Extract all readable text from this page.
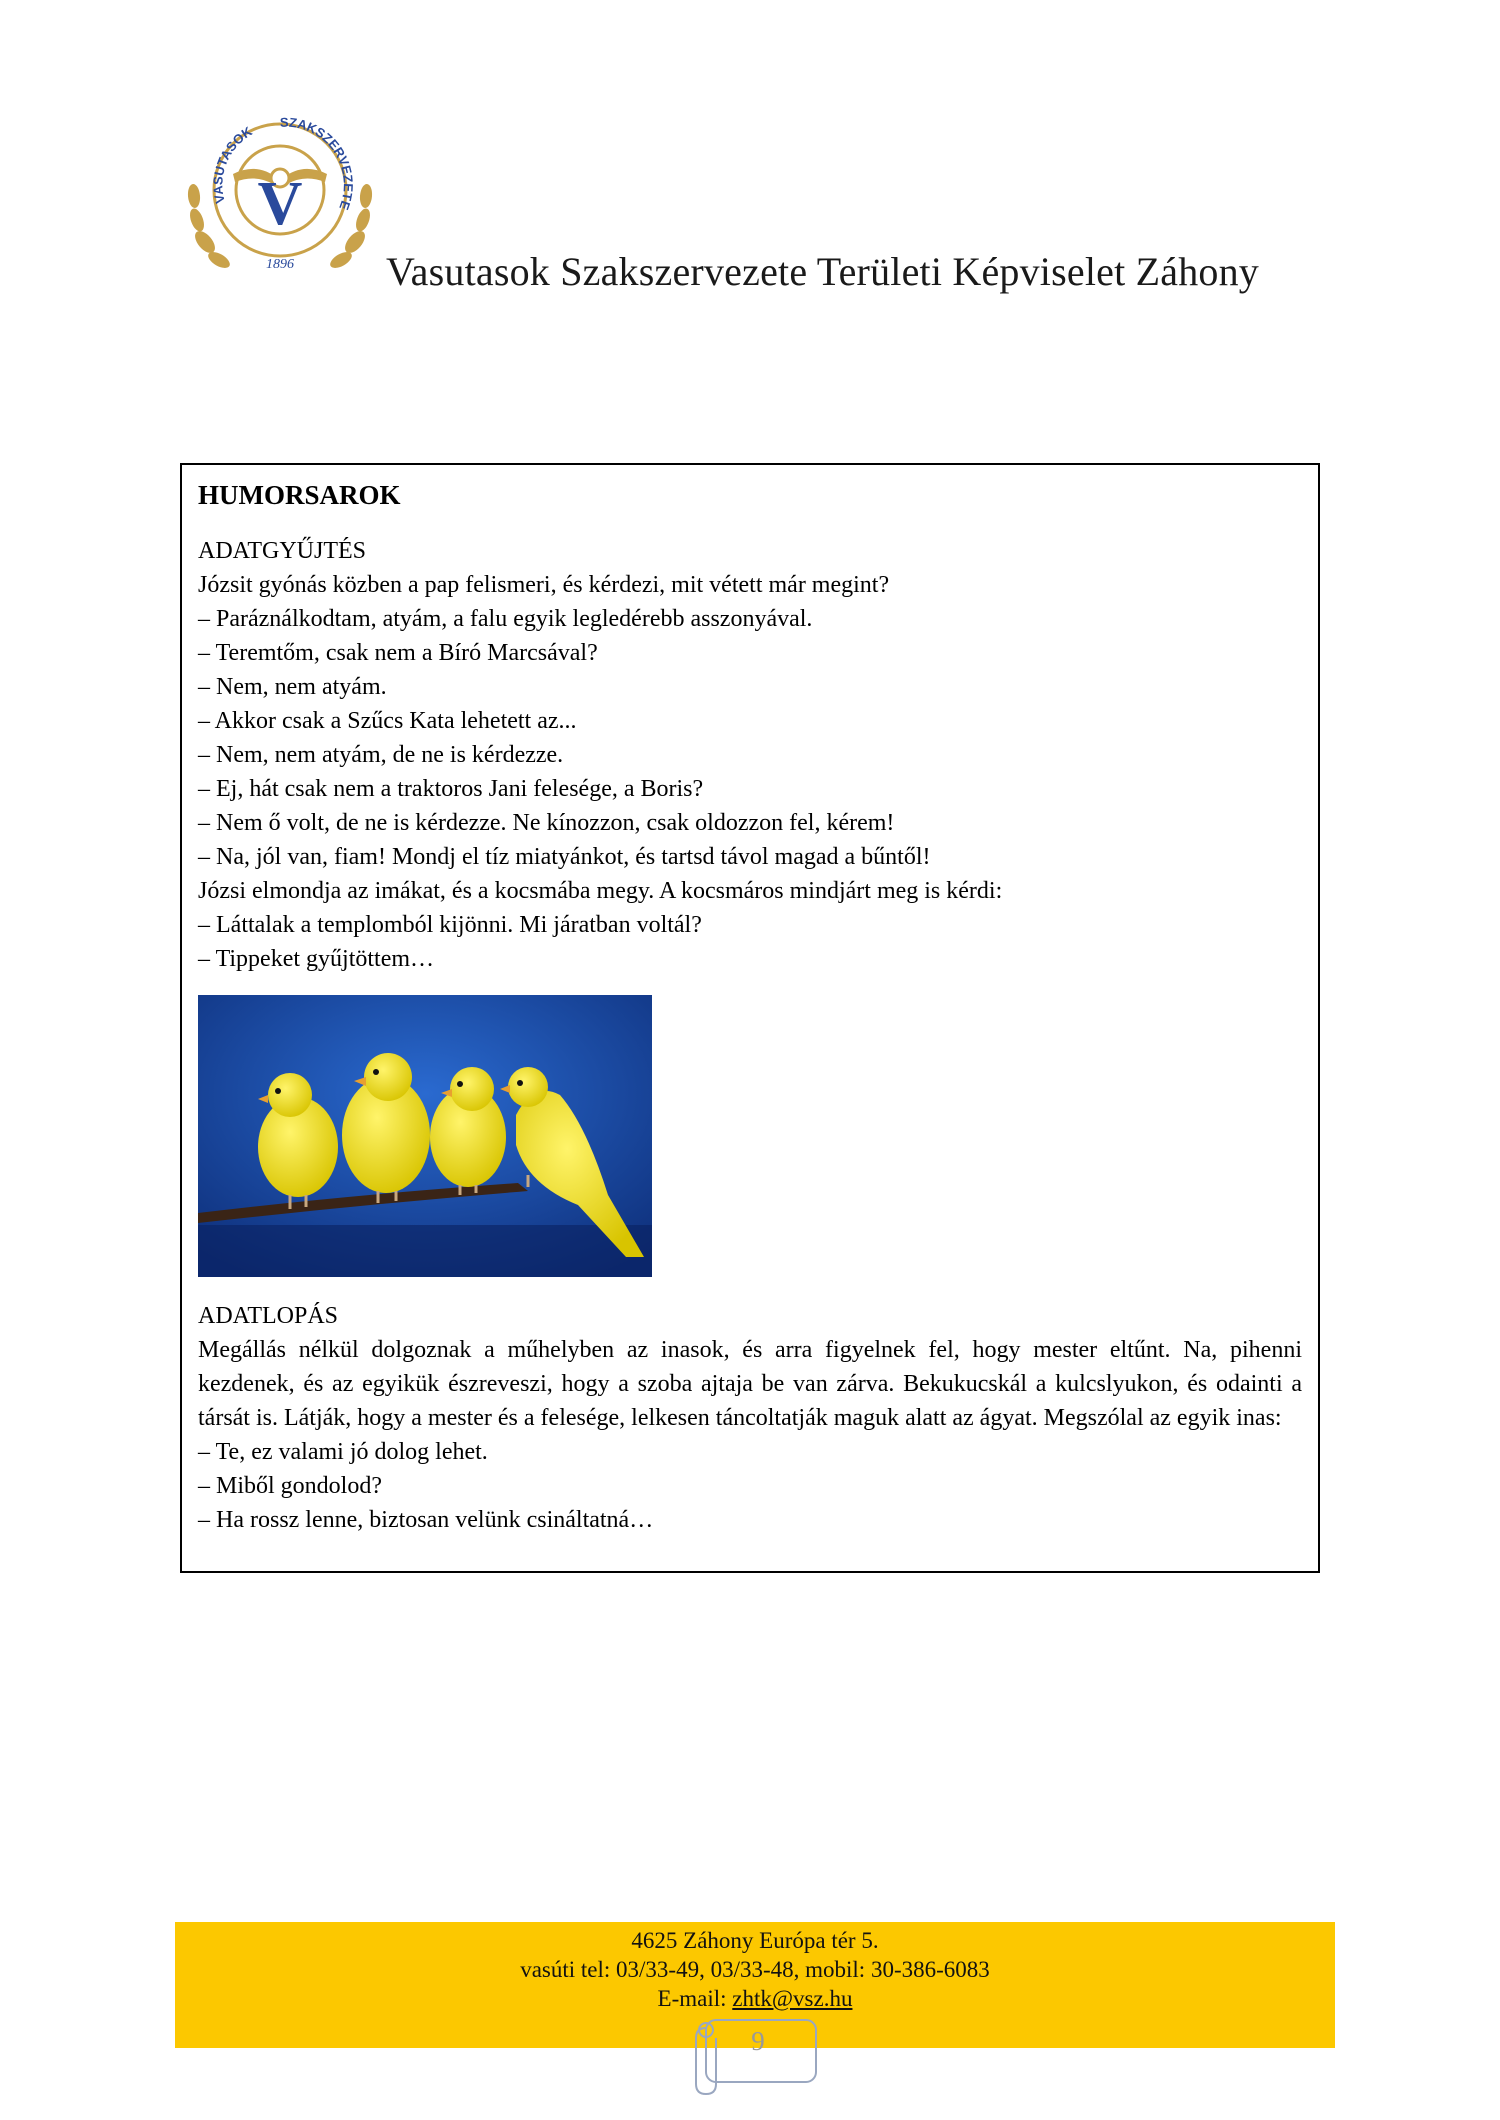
VASUTASOK
SZAKSZERVEZETE
V
1896 Vasutasok Szakszervezete Területi Képviselet Záhony

HUMORSAROK

ADATGYŰJTÉS

Józsit gyónás közben a pap felismeri, és kérdezi, mit vétett már megint?

– Paráználkodtam, atyám, a falu egyik legledérebb asszonyával.

– Teremtőm, csak nem a Bíró Marcsával?

– Nem, nem atyám.

– Akkor csak a Szűcs Kata lehetett az...

– Nem, nem atyám, de ne is kérdezze.

– Ej, hát csak nem a traktoros Jani felesége, a Boris?

– Nem ő volt, de ne is kérdezze. Ne kínozzon, csak oldozzon fel, kérem!

– Na, jól van, fiam! Mondj el tíz miatyánkot, és tartsd távol magad a bűntől!

Józsi elmondja az imákat, és a kocsmába megy. A kocsmáros mindjárt meg is kérdi:

– Láttalak a templomból kijönni. Mi járatban voltál?

– Tippeket gyűjtöttem…

ADATLOPÁS

Megállás nélkül dolgoznak a műhelyben az inasok, és arra figyelnek fel, hogy mester eltűnt. Na, pihenni kezdenek, és az egyikük észreveszi, hogy a szoba ajtaja be van zárva. Bekukucskál a kulcslyukon, és odainti a társát is. Látják, hogy a mester és a felesége, lelkesen táncoltatják maguk alatt az ágyat. Megszólal az egyik inas:

– Te, ez valami jó dolog lehet.

– Miből gondolod?

– Ha rossz lenne, biztosan velünk csináltatná…

4625 Záhony Európa tér 5.
vasúti tel: 03/33-49, 03/33-48, mobil: 30-386-6083
E-mail: zhtk@vsz.hu
9
